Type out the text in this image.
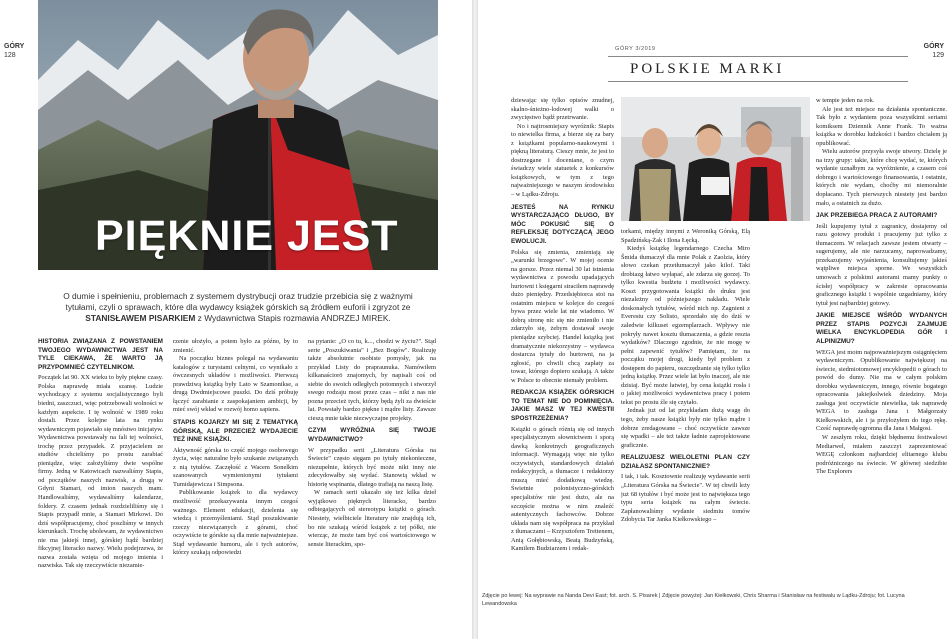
GÓRY
128
PIĘKNIE JEST
O dumie i spełnieniu, problemach z systemem dystrybucji oraz trudzie przebicia się z ważnymi tytułami, czyli o sprawach, które dla wydawcy książek górskich są źródłem euforii i zgryzot ze STANISŁAWEM PISARKIEM z Wydawnictwa Stapis rozmawia ANDRZEJ MIREK.
HISTORIA ZWIĄZANA Z POWSTANIEM TWOJEGO WYDAWNICTWA JEST NA TYLE CIEKAWA, ŻE WARTO JĄ PRZYPOMNIEĆ CZYTELNIKOM.

Początek lat 90. XX wieku to były piękne czasy. Polska naprawdę miała szansę. Ludzie wychodzący z systemu socjalistycznego byli biedni, zaszczuci, więc potrzebowali wolności w każdym aspekcie. I tę wolność w 1989 roku dostali. Przez kolejne lata na rynku wydawniczym pojawiało się mnóstwo inicjatyw. Wydawnictwa powstawały na fali tej wolności, trochę przez przypadek. Z przyjacielem ze studiów chcieliśmy po prostu zarabiać pieniądze, więc założyliśmy dwie wspólne firmy. Jedną w Katowicach nazwaliśmy Stapis, od początków naszych nazwisk, a drugą w Gdyni Stamari, od imion naszych mam. Handlowaliśmy, wydawaliśmy kalendarze, foldery. Z czasem jednak rozdzieliliśmy się i Stapis przypadł mnie, a Stamari Mirkowi. Do dziś współpracujemy, choć poszliśmy w innych kierunkach. Trochę ubolewam, że wydawnictwo nie ma jakiejś innej, górskiej bądź bardziej fikcyjnej literacko nazwy. Wielu podejrzewa, że nazwa została wzięta od mojego imienia i nazwiska. Tak się rzeczywiście niezamie-

rzenie ułożyło, a potem było za późno, by to zmienić.

Na początku biznes polegał na wydawaniu katalogów z turystami celnymi, co wynikało z ówczesnych układów i możliwości. Pierwszą prawdziwą książką były Lato w Szamonikse, a drugą Dwdmiejscowe puszki. Do dziś próbuję łączyć zarabianie z zaspokajaniem ambicji, by mieć swój wkład w rozwój homo sapiens.

STAPIS KOJARZY MI SIĘ Z TEMATYKĄ GÓRSKĄ, ALE PRZECIEŻ WYDAJECIE TEŻ INNE KSIĄŻKI.

Aktywność górska to część mojego osobowego życia, więc naturalne było szukanie związanych z nią tytułów. Zaczęłość z Wacem Sonelkim szanowanych wymienionymi tytułami Tumidajewicza i Simpsona.

Publikowanie książek to dla wydawcy możliwość przekazywania innym czegoś ważnego. Element edukacji, dzielenia się wiedzą i przemyśleniami. Stąd poszukiwanie rzeczy niezwiązanych z górami, choć oczywiście te górskie są dla mnie najważniejsze. Stąd wydawanie humoru, ale i tych autorów, którzy szukają odpowiedzi

na pytanie: „O co tu, k..., chodzi w życiu?". Stąd serie „Poszukiwania" i „Bez Bogów". Realizuję także absolutnie osobiste pomysły, jak na przykład Listy do prapraunuka. Namówiłem kilkanaściorō znajomych, by napisali coś od siebie do swoich odległych potomnych i stworzył swego rodzaju most przez czas – nikt z nas nie pozna przecież tych, którzy będą żyli za dwieście lat. Powstały bardzo piękne i mądre listy. Zawsze cieszą mnie takie niezwyczajne projekty.

CZYM WYRÓŻNIA SIĘ TWOJE WYDAWNICTWO?

W przypadku serii „Literatura Górska na Świecie" często sięgam po tytuły niekonieczne, niezupełnie, których być może nikt inny nie zdecydowałby się wydać. Stanowią wkład w historię wspinania, dlatego trafiają na naszą listę.

W ramach serii ukazało się też kilka dzieł wyjątkowo pięknych literacko, bardzo odbiegających od stereotypu książki o górach. Niestety, wielbiciele literatury nie znajdują ich, bo nie szukają wśród książek z tej półki, nie wierząc, że może tam być coś wartościowego w sensie literackim, spo-

GÓRY
129
GÓRY 3/2019
POLSKIE MARKI

dziewając się tylko opisów znudnej, skalno-śnieżno-lodowej walki o zwycięstwo bądź przetrwanie.

No i najtrosmiejszy wyróżnik: Stapis to niewielka firma, a bierze się za bary z książkami popularno-naukowymi i piękną literaturą. Cieszy mnie, że jest to dostrzegane i doceniane, o czym świadczy wiele statuetek z konkursów książkowych, w tym z tego najważniejszego w naszym środowisku – w Lądku-Zdroju.

JESTEŚ NA RYNKU WYSTARCZAJĄCO DŁUGO, BY MÓC POKUSIĆ SIĘ O REFLEKSJĘ DOTYCZĄCĄ JEGO EWOLUCJI.

Polska się zmienia, zmieniają się „warunki brzegowe". W mojej ocenie na gorsze. Przez niemal 30 lat istnienia wydawnictwa z powodu upadających hurtowni i księgarni straciłem naprawdę dużo pieniędzy. Przedsiębiorca stoi na ostatnim miejscu w kolejce do czegoś bywa przez wiele lat nie wiadomo. W dobrą stronę nic się nie zmieniło i nie zdarzyło się, żebym dostawał swoje pieniądze szybciej. Handel książką jest dramatycznie niekorzystny – wydawca dostarcza tytuły do hurtowni, na ja zgłosić, po chwili chcą zapłaty za towar, którego dopiero szukają. A także w Polsce to obecnie niemały problem.

REDAKCJA KSIĄŻEK GÓRSKICH TO TEMAT NIE DO POMINIĘCIA. JAKIE MASZ W TEJ KWESTII SPOSTRZEŻENIA?

Książki o górach różnią się od innych specjalistycznym słownictwem i sporą dawką konkretnych geograficznych informacji. Wymagają więc nie tylko oczywistych, standardowych działań redakcyjnych, a tłumacze i redaktorzy muszą mieć dodatkową wiedzę. Świetnie polonistyczno-górskich specjalistów nie jest dużo, ale na szczęście można w nim znaleźć autentycznych fachowców. Dobrze układa nam się współpraca na przykład z tłumaczami – Krzysztofem Trettenem, Anią Gołębiowską, Beatą Budzyńską, Kamilem Budziarzem i redak-

torkami, między innymi z Weroniką Górską, Elą Spadzińską-Żak i Ilona Łęcką.

Kiedyś książkę legendarnego Czecha Miro Šmida tłumaczył dla mnie Polak z Zaolzia, który słowo czekan przetłumaczył jako kilof. Taki drobiazg łatwo wyłapać, ale zdarza się gorzej. To tylko kwestia budżetu i możliwości wydawcy. Koszt przygotowania książki do druku jest niezależny od późniejszego nakładu. Wiele doskonałych tytułów, wśród nich np. Zagnieni z Everestu czy Solisto, sprzedało się do dziś w zaledwie kilkuset egzemplarzach. Wpływy nie pokryły nawet kosztu tłumaczenia, a gdzie reszta wydatków? Dlaczego zgodnie, że nie mogę w pełni zapewnić tytułów? Pamiętam, że na początku mojej drogi, kiedy był problem z dostępem do papieru, oszczędzanie się tylko tylko jedną książkę. Przez wiele lat było inaczej, ale nie dzisiaj. Być może łatwiej, by cena książki rosła i o jakiej możliwości wydawnictwa pracy i potem tekst po prostu źle się czytało.

Jednak już od lat przykładam dużą wagę do tego, żeby nasze książki były nie tylko mądre i dobrze zredagowane – choć oczywiście zawsze się wpadki – ale też także ładnie zaprojektowane graficznie.

REALIZUJESZ WIELOLETNI PLAN CZY DZIAŁASZ SPONTANICZNIE?

I tak, i tak. Kosztownie realizuję wydawanie serii „Literatura Górska na Świecie". W tej chwili leży już 68 tytułów i być może jest to największa tego typu seria książek na całym świecie. Zapłanowaliśmy wydanie siedmiu tomów Zdobycia Tar Janka Kiełkowskiego –

w tempie jeden na rok.

Ale jest też miejsce na działania spontaniczne. Tak było z wydaniem poza wszystkimi seriami komiksem Dziennik Anne Frank. To ważna książka w dorobku ludzkości i bardzo chciałem ją opublikować.

Wielu autorów przysyła swoje utwory. Dzielę je na trzy grupy: takie, które chcę wydać, te, których wydanie uznałbym za wyróżnienie, a czasem coś dobrego i wartościowego finansowania, i ostatnie, których nie wydam, choćby mi niemoralnie dopłacano. Tych pierwszych niestety jest bardzo mało, a ostatnich za dużo.

JAK PRZEBIEGA PRACA Z AUTORAMI?

Jeśli kupujemy tytuł z zagranicy, dostajemy od razu gotowy produkt i pracujemy już tylko z tłumaczem. W relacjach zawsze jestem otwarty – sugerujemy, ale nie narzucamy, naprowadzamy, przekazujemy wyjaśnienia, konsultujemy jakieś wątpliwe miejsca sporne. We wszystkich umowach z polskimi autorami mamy punkty o ścisłej współpracy w zakresie opracowania graficznego książki i wspólnie uzgadniamy, który tytuł jest najbardziej gotowy.

JAKIE MIEJSCE WŚRÓD WYDANYCH PRZEZ STAPIS POZYCJI ZAJMUJE WIELKA ENCYKLOPEDIA GÓR I ALPINIZMU?

WEGA jest moim najpoważniejszym osiągnięciem wydawniczym. Opublikowanie największej na świecie, siedmiotomowej encyklopedii o górach to powód do dumy. Nie ma w całym polskim dorobku wydawniczym, innego, równie bogatego opracowania jakiejkolwiek dziedziny. Moja zasługa jest oczywiście niewielka, tak naprawdę WEGA to zasługa Jana i Małgorzaty Kiełkowskich, ale i ja przyłożyłem do tego rękę. Cześć naprawdę ogromna dla Jana i Małgosi.

W zeszłym roku, dzięki błędnemu festiwalowi Mediarwel, miałem zaszczyt zaprezentować WEGĘ członkom najbardziej elitarnego klubu podróżniczego na świecie. W głównej siedzibie The Explorers

Zdjęcie po lewej: Na wyprawie na Nanda Devi East; fot. arch. S. Pisarek | Zdjęcie powyżej: Jan Kiełkowski, Chris Sharma i Stanisław na festiwalu w Lądku-Zdroju; fot. Lucyna Lewandowska
